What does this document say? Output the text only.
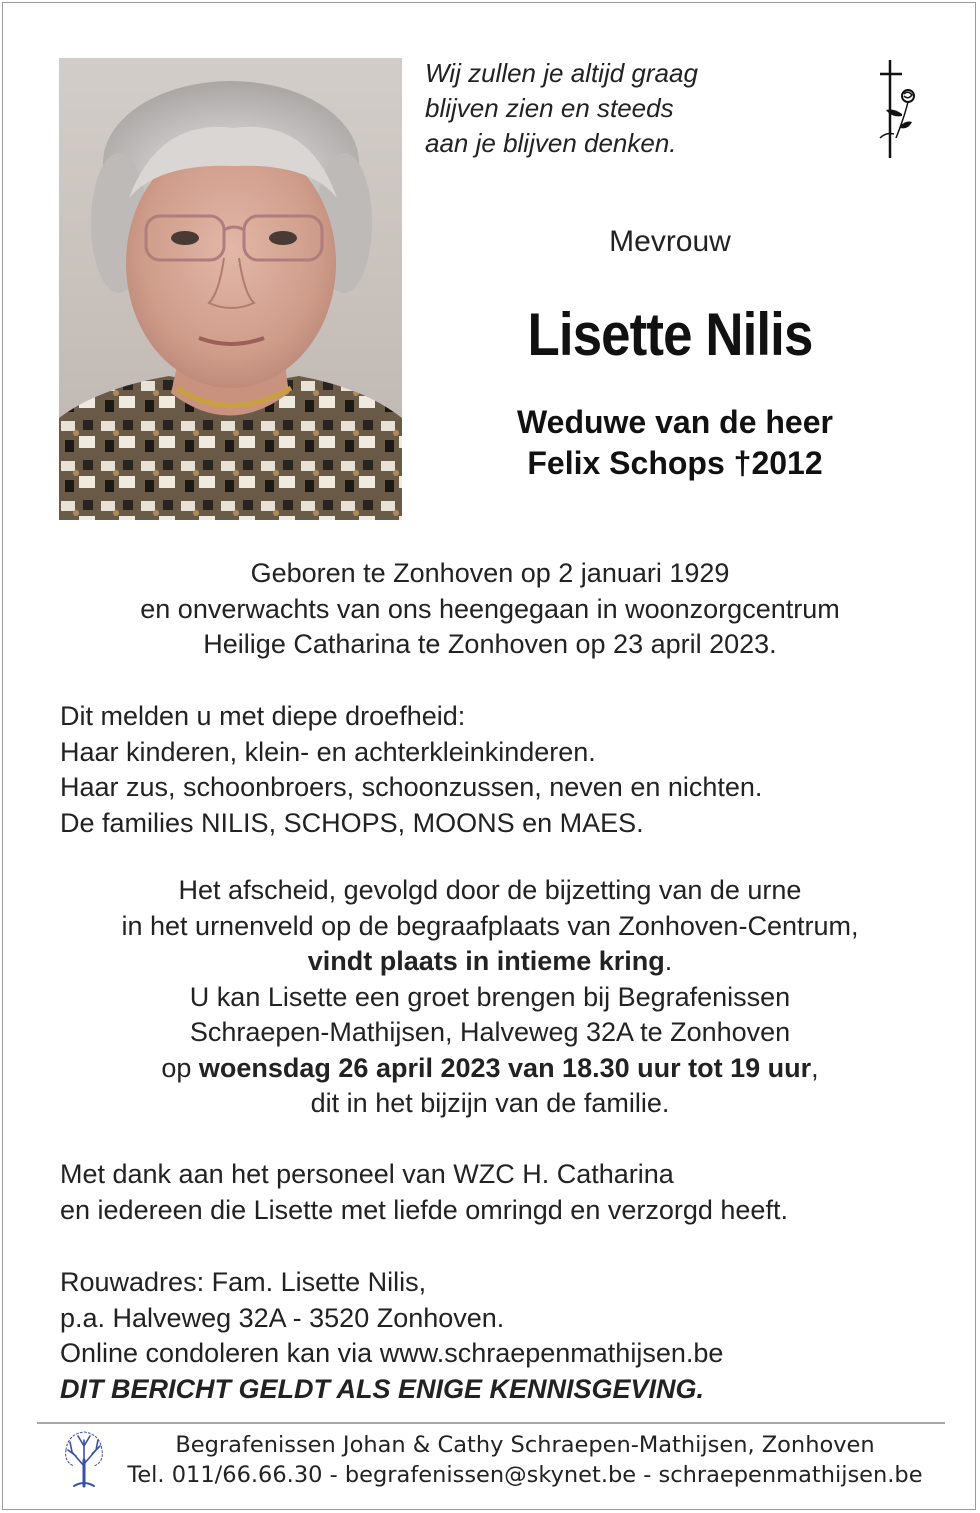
Wij zullen je altijd graag
blijven zien en steeds
aan je blijven denken.
Mevrouw
Lisette Nilis
Weduwe van de heer
Felix Schops †2012
Geboren te Zonhoven op 2 januari 1929
en onverwachts van ons heengegaan in woonzorgcentrum
Heilige Catharina te Zonhoven op 23 april 2023.
Dit melden u met diepe droefheid:
Haar kinderen, klein- en achterkleinkinderen.
Haar zus, schoonbroers, schoonzussen, neven en nichten.
De families NILIS, SCHOPS, MOONS en MAES.
Het afscheid, gevolgd door de bijzetting van de urne
in het urnenveld op de begraafplaats van Zonhoven-Centrum,
vindt plaats in intieme kring.
U kan Lisette een groet brengen bij Begrafenissen
Schraepen-Mathijsen, Halveweg 32A te Zonhoven
op woensdag 26 april 2023 van 18.30 uur tot 19 uur,
dit in het bijzijn van de familie.
Met dank aan het personeel van WZC H. Catharina
en iedereen die Lisette met liefde omringd en verzorgd heeft.
Rouwadres: Fam. Lisette Nilis,
p.a. Halveweg 32A - 3520 Zonhoven.
Online condoleren kan via www.schraepenmathijsen.be
DIT BERICHT GELDT ALS ENIGE KENNISGEVING.
Begrafenissen Johan & Cathy Schraepen-Mathijsen, Zonhoven
Tel. 011/66.66.30 - begrafenissen@skynet.be - schraepenmathijsen.be
